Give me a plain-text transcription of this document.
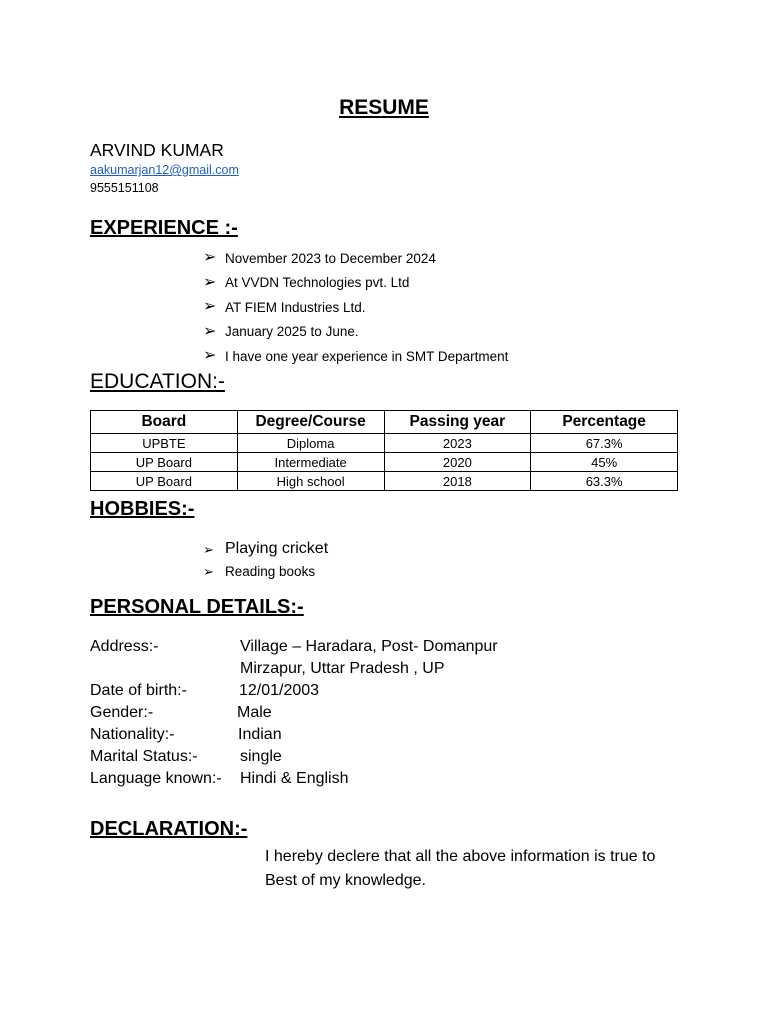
RESUME
ARVIND KUMAR
aakumarjan12@gmail.com
9555151108
EXPERIENCE :-
➢ November 2023 to December 2024
➢ At VVDN Technologies pvt. Ltd
➢ AT FIEM Industries Ltd.
➢ January 2025 to June.
➢ I have one year experience in SMT Department
EDUCATION:-
Board	Degree/Course	Passing year	Percentage
UPBTE	Diploma	2023	67.3%
UP Board	Intermediate	2020	45%
UP Board	High school	2018	63.3%
HOBBIES:-
➢ Playing cricket
➢ Reading books
PERSONAL DETAILS:-
Address:-	Village – Haradara, Post- Domanpur
Mirzapur, Uttar Pradesh , UP
Date of birth:-	12/01/2003
Gender:-	Male
Nationality:-	Indian
Marital Status:-	single
Language known:- Hindi & English
DECLARATION:-
I hereby declere that all the above information is true to Best of my knowledge.
